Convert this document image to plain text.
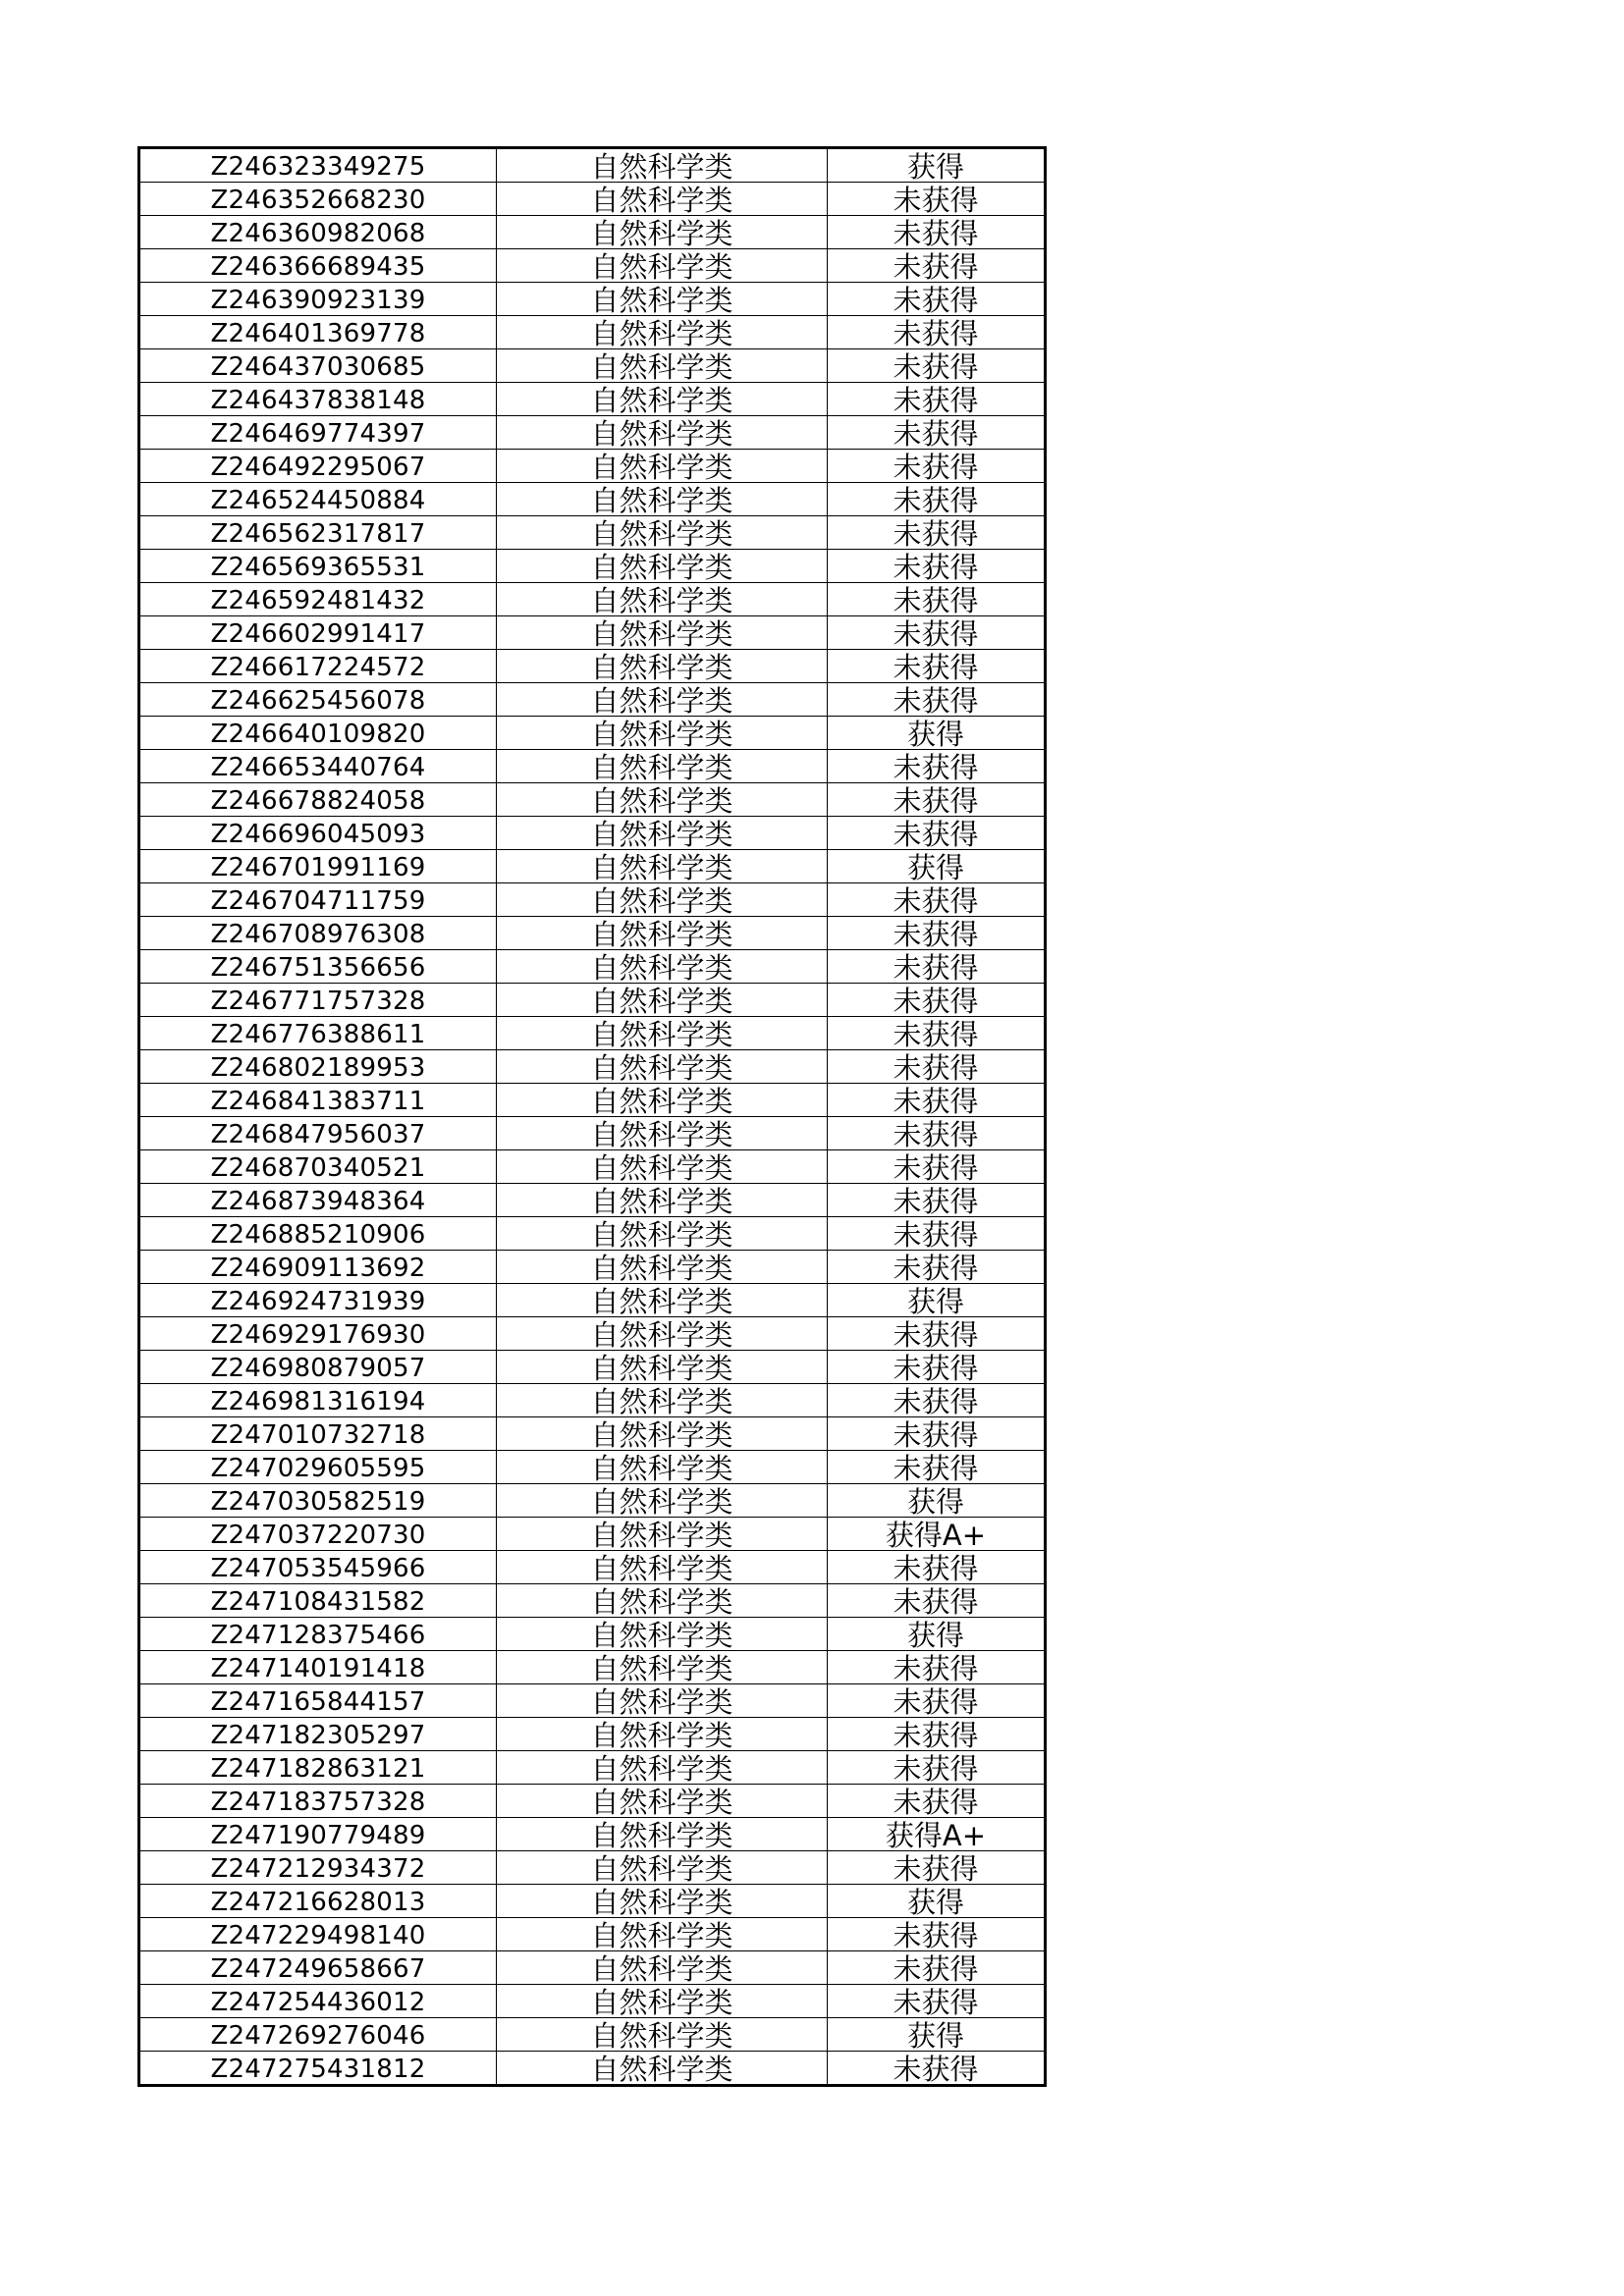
Z246323349275	自然科学类	获得
Z246352668230	自然科学类	未获得
Z246360982068	自然科学类	未获得
Z246366689435	自然科学类	未获得
Z246390923139	自然科学类	未获得
Z246401369778	自然科学类	未获得
Z246437030685	自然科学类	未获得
Z246437838148	自然科学类	未获得
Z246469774397	自然科学类	未获得
Z246492295067	自然科学类	未获得
Z246524450884	自然科学类	未获得
Z246562317817	自然科学类	未获得
Z246569365531	自然科学类	未获得
Z246592481432	自然科学类	未获得
Z246602991417	自然科学类	未获得
Z246617224572	自然科学类	未获得
Z246625456078	自然科学类	未获得
Z246640109820	自然科学类	获得
Z246653440764	自然科学类	未获得
Z246678824058	自然科学类	未获得
Z246696045093	自然科学类	未获得
Z246701991169	自然科学类	获得
Z246704711759	自然科学类	未获得
Z246708976308	自然科学类	未获得
Z246751356656	自然科学类	未获得
Z246771757328	自然科学类	未获得
Z246776388611	自然科学类	未获得
Z246802189953	自然科学类	未获得
Z246841383711	自然科学类	未获得
Z246847956037	自然科学类	未获得
Z246870340521	自然科学类	未获得
Z246873948364	自然科学类	未获得
Z246885210906	自然科学类	未获得
Z246909113692	自然科学类	未获得
Z246924731939	自然科学类	获得
Z246929176930	自然科学类	未获得
Z246980879057	自然科学类	未获得
Z246981316194	自然科学类	未获得
Z247010732718	自然科学类	未获得
Z247029605595	自然科学类	未获得
Z247030582519	自然科学类	获得
Z247037220730	自然科学类	获得A+
Z247053545966	自然科学类	未获得
Z247108431582	自然科学类	未获得
Z247128375466	自然科学类	获得
Z247140191418	自然科学类	未获得
Z247165844157	自然科学类	未获得
Z247182305297	自然科学类	未获得
Z247182863121	自然科学类	未获得
Z247183757328	自然科学类	未获得
Z247190779489	自然科学类	获得A+
Z247212934372	自然科学类	未获得
Z247216628013	自然科学类	获得
Z247229498140	自然科学类	未获得
Z247249658667	自然科学类	未获得
Z247254436012	自然科学类	未获得
Z247269276046	自然科学类	获得
Z247275431812	自然科学类	未获得
